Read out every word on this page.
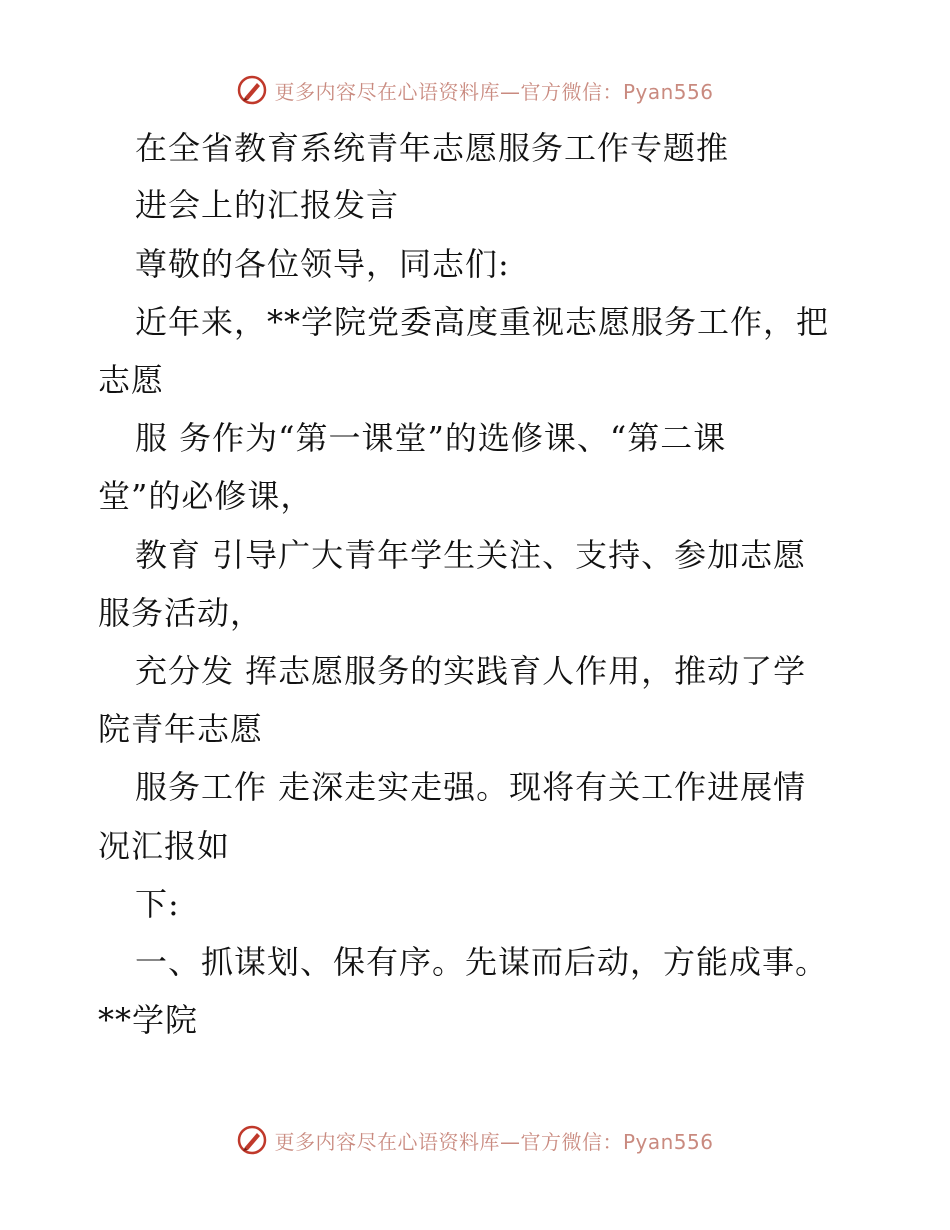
更多内容尽在心语资料库—官方微信：Pyan556
在全省教育系统青年志愿服务工作专题推
进会上的汇报发言
尊敬的各位领导，同志们:
近年来，**学院党委高度重视志愿服务工作，把
志愿
服 务作为“第一课堂”的选修课、“第二课
堂”的必修课，
教育 引导广大青年学生关注、支持、参加志愿
服务活动，
充分发 挥志愿服务的实践育人作用，推动了学
院青年志愿
服务工作 走深走实走强。现将有关工作进展情
况汇报如
下:
一、抓谋划、保有序。先谋而后动，方能成事。
**学院
更多内容尽在心语资料库—官方微信：Pyan556
